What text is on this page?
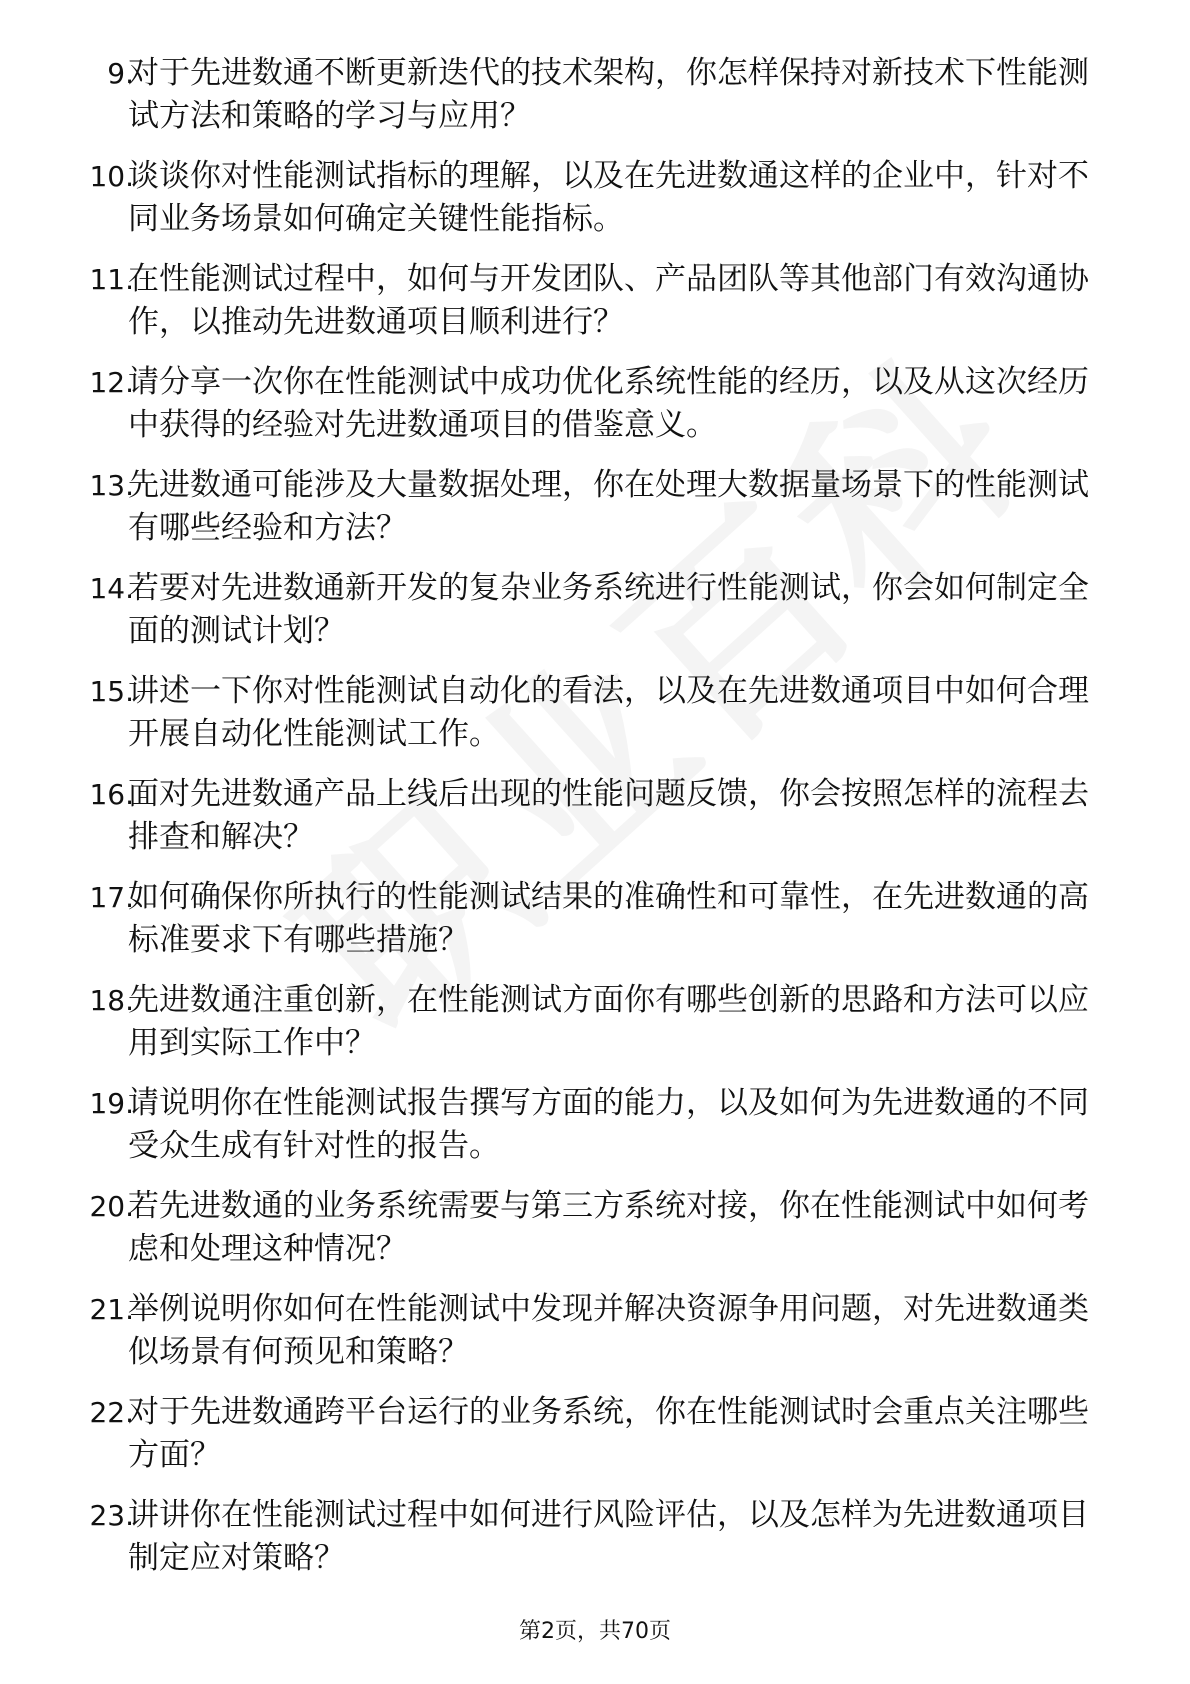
9.
对于先进数通不断更新迭代的技术架构，你怎样保持对新技术下性能测试方法和策略的学习与应用？
10.
谈谈你对性能测试指标的理解，以及在先进数通这样的企业中，针对不同业务场景如何确定关键性能指标。
11.
在性能测试过程中，如何与开发团队、产品团队等其他部门有效沟通协作，以推动先进数通项目顺利进行？
12.
请分享一次你在性能测试中成功优化系统性能的经历，以及从这次经历中获得的经验对先进数通项目的借鉴意义。
13.
先进数通可能涉及大量数据处理，你在处理大数据量场景下的性能测试有哪些经验和方法？
14.
若要对先进数通新开发的复杂业务系统进行性能测试，你会如何制定全面的测试计划？
15.
讲述一下你对性能测试自动化的看法，以及在先进数通项目中如何合理开展自动化性能测试工作。
16.
面对先进数通产品上线后出现的性能问题反馈，你会按照怎样的流程去排查和解决？
17.
如何确保你所执行的性能测试结果的准确性和可靠性，在先进数通的高标准要求下有哪些措施？
18.
先进数通注重创新，在性能测试方面你有哪些创新的思路和方法可以应用到实际工作中？
19.
请说明你在性能测试报告撰写方面的能力，以及如何为先进数通的不同受众生成有针对性的报告。
20.
若先进数通的业务系统需要与第三方系统对接，你在性能测试中如何考虑和处理这种情况？
21.
举例说明你如何在性能测试中发现并解决资源争用问题，对先进数通类似场景有何预见和策略？
22.
对于先进数通跨平台运行的业务系统，你在性能测试时会重点关注哪些方面？
23.
讲讲你在性能测试过程中如何进行风险评估，以及怎样为先进数通项目制定应对策略？
第2页，共70页
